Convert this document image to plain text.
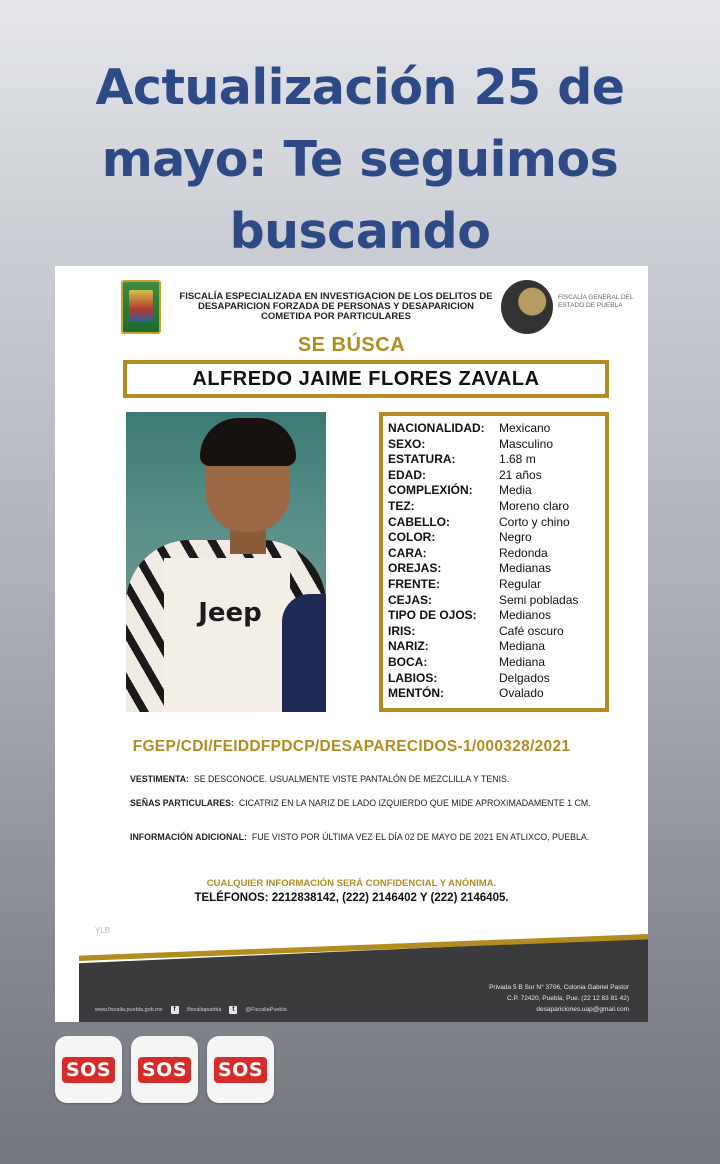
Actualización 25 de mayo: Te seguimos buscando
FISCALÍA ESPECIALIZADA EN INVESTIGACION DE LOS DELITOS DE DESAPARICION FORZADA DE PERSONAS Y DESAPARICION COMETIDA POR PARTICULARES
FISCALÍA GENERAL DEL ESTADO DE PUEBLA
SE BÚSCA
ALFREDO JAIME FLORES ZAVALA
Jeep
NACIONALIDAD:	Mexicano
SEXO:	Masculino
ESTATURA:	1.68 m
EDAD:	21 años
COMPLEXIÓN:	Media
TEZ:	Moreno claro
CABELLO:	Corto y chino
COLOR:	Negro
CARA:	Redonda
OREJAS:	Medianas
FRENTE:	Regular
CEJAS:	Semi pobladas
TIPO DE OJOS:	Medianos
IRIS:	Café oscuro
NARIZ:	Mediana
BOCA:	Mediana
LABIOS:	Delgados
MENTÓN:	Ovalado
FGEP/CDI/FEIDDFPDCP/DESAPARECIDOS-1/000328/2021
VESTIMENTA: SE DESCONOCE. USUALMENTE VISTE PANTALÓN DE MEZCLILLA Y TENIS.
SEÑAS PARTICULARES: CICATRIZ EN LA NARIZ DE LADO IZQUIERDO QUE MIDE APROXIMADAMENTE 1 CM.
INFORMACIÓN ADICIONAL: FUE VISTO POR ÚLTIMA VEZ EL DÍA 02 DE MAYO DE 2021 EN ATLIXCO, PUEBLA.
CUALQUIER INFORMACIÓN SERÁ CONFIDENCIAL Y ANÓNIMA.
TELÉFONOS: 2212838142, (222) 2146402 Y (222) 2146405.
YLB
Privada 5 B Sur N° 3706, Colonia Gabriel Pastor
C.P. 72420, Puebla, Pue. (22 12 83 81 42)
desapariciones.uap@gmail.com
www.fiscalia.puebla.gob.mx	f	/fiscaliapuebla	t	@FiscaliaPuebla
SOS SOS SOS
